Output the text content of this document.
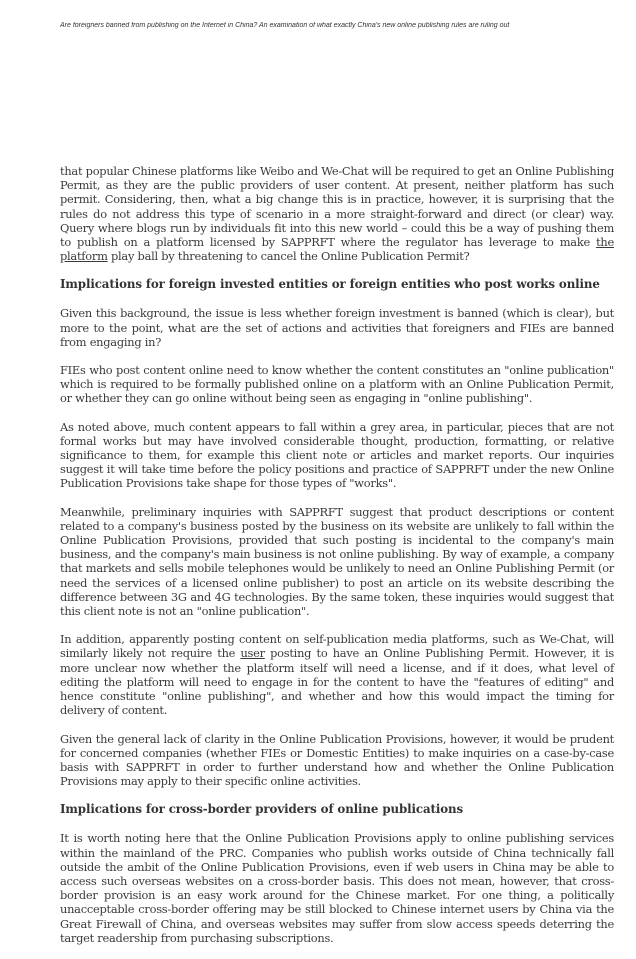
Are foreigners banned from publishing on the Internet in China? An examination of what exactly China's new online publishing rules are ruling out

that popular Chinese platforms like Weibo and We-Chat will be required to get an Online Publishing Permit, as they are the public providers of user content. At present, neither platform has such permit. Considering, then, what a big change this is in practice, however, it is surprising that the rules do not address this type of scenario in a more straight-forward and direct (or clear) way. Query where blogs run by individuals fit into this new world – could this be a way of pushing them to publish on a platform licensed by SAPPRFT where the regulator has leverage to make the platform play ball by threatening to cancel the Online Publication Permit?

Implications for foreign invested entities or foreign entities who post works online

Given this background, the issue is less whether foreign investment is banned (which is clear), but more to the point, what are the set of actions and activities that foreigners and FIEs are banned from engaging in?

FIEs who post content online need to know whether the content constitutes an "online publication" which is required to be formally published online on a platform with an Online Publication Permit, or whether they can go online without being seen as engaging in "online publishing".

As noted above, much content appears to fall within a grey area, in particular, pieces that are not formal works but may have involved considerable thought, production, formatting, or relative significance to them, for example this client note or articles and market reports. Our inquiries suggest it will take time before the policy positions and practice of SAPPRFT under the new Online Publication Provisions take shape for those types of "works".

Meanwhile, preliminary inquiries with SAPPRFT suggest that product descriptions or content related to a company's business posted by the business on its website are unlikely to fall within the Online Publication Provisions, provided that such posting is incidental to the company's main business, and the company's main business is not online publishing. By way of example, a company that markets and sells mobile telephones would be unlikely to need an Online Publishing Permit (or need the services of a licensed online publisher) to post an article on its website describing the difference between 3G and 4G technologies. By the same token, these inquiries would suggest that this client note is not an "online publication".

In addition, apparently posting content on self-publication media platforms, such as We-Chat, will similarly likely not require the user posting to have an Online Publishing Permit. However, it is more unclear now whether the platform itself will need a license, and if it does, what level of editing the platform will need to engage in for the content to have the "features of editing" and hence constitute "online publishing", and whether and how this would impact the timing for delivery of content.

Given the general lack of clarity in the Online Publication Provisions, however, it would be prudent for concerned companies (whether FIEs or Domestic Entities) to make inquiries on a case-by-case basis with SAPPRFT in order to further understand how and whether the Online Publication Provisions may apply to their specific online activities.

Implications for cross-border providers of online publications

It is worth noting here that the Online Publication Provisions apply to online publishing services within the mainland of the PRC. Companies who publish works outside of China technically fall outside the ambit of the Online Publication Provisions, even if web users in China may be able to access such overseas websites on a cross-border basis. This does not mean, however, that cross-border provision is an easy work around for the Chinese market. For one thing, a politically unacceptable cross-border offering may be still blocked to Chinese internet users by China via the Great Firewall of China, and overseas websites may suffer from slow access speeds deterring the target readership from purchasing subscriptions.
